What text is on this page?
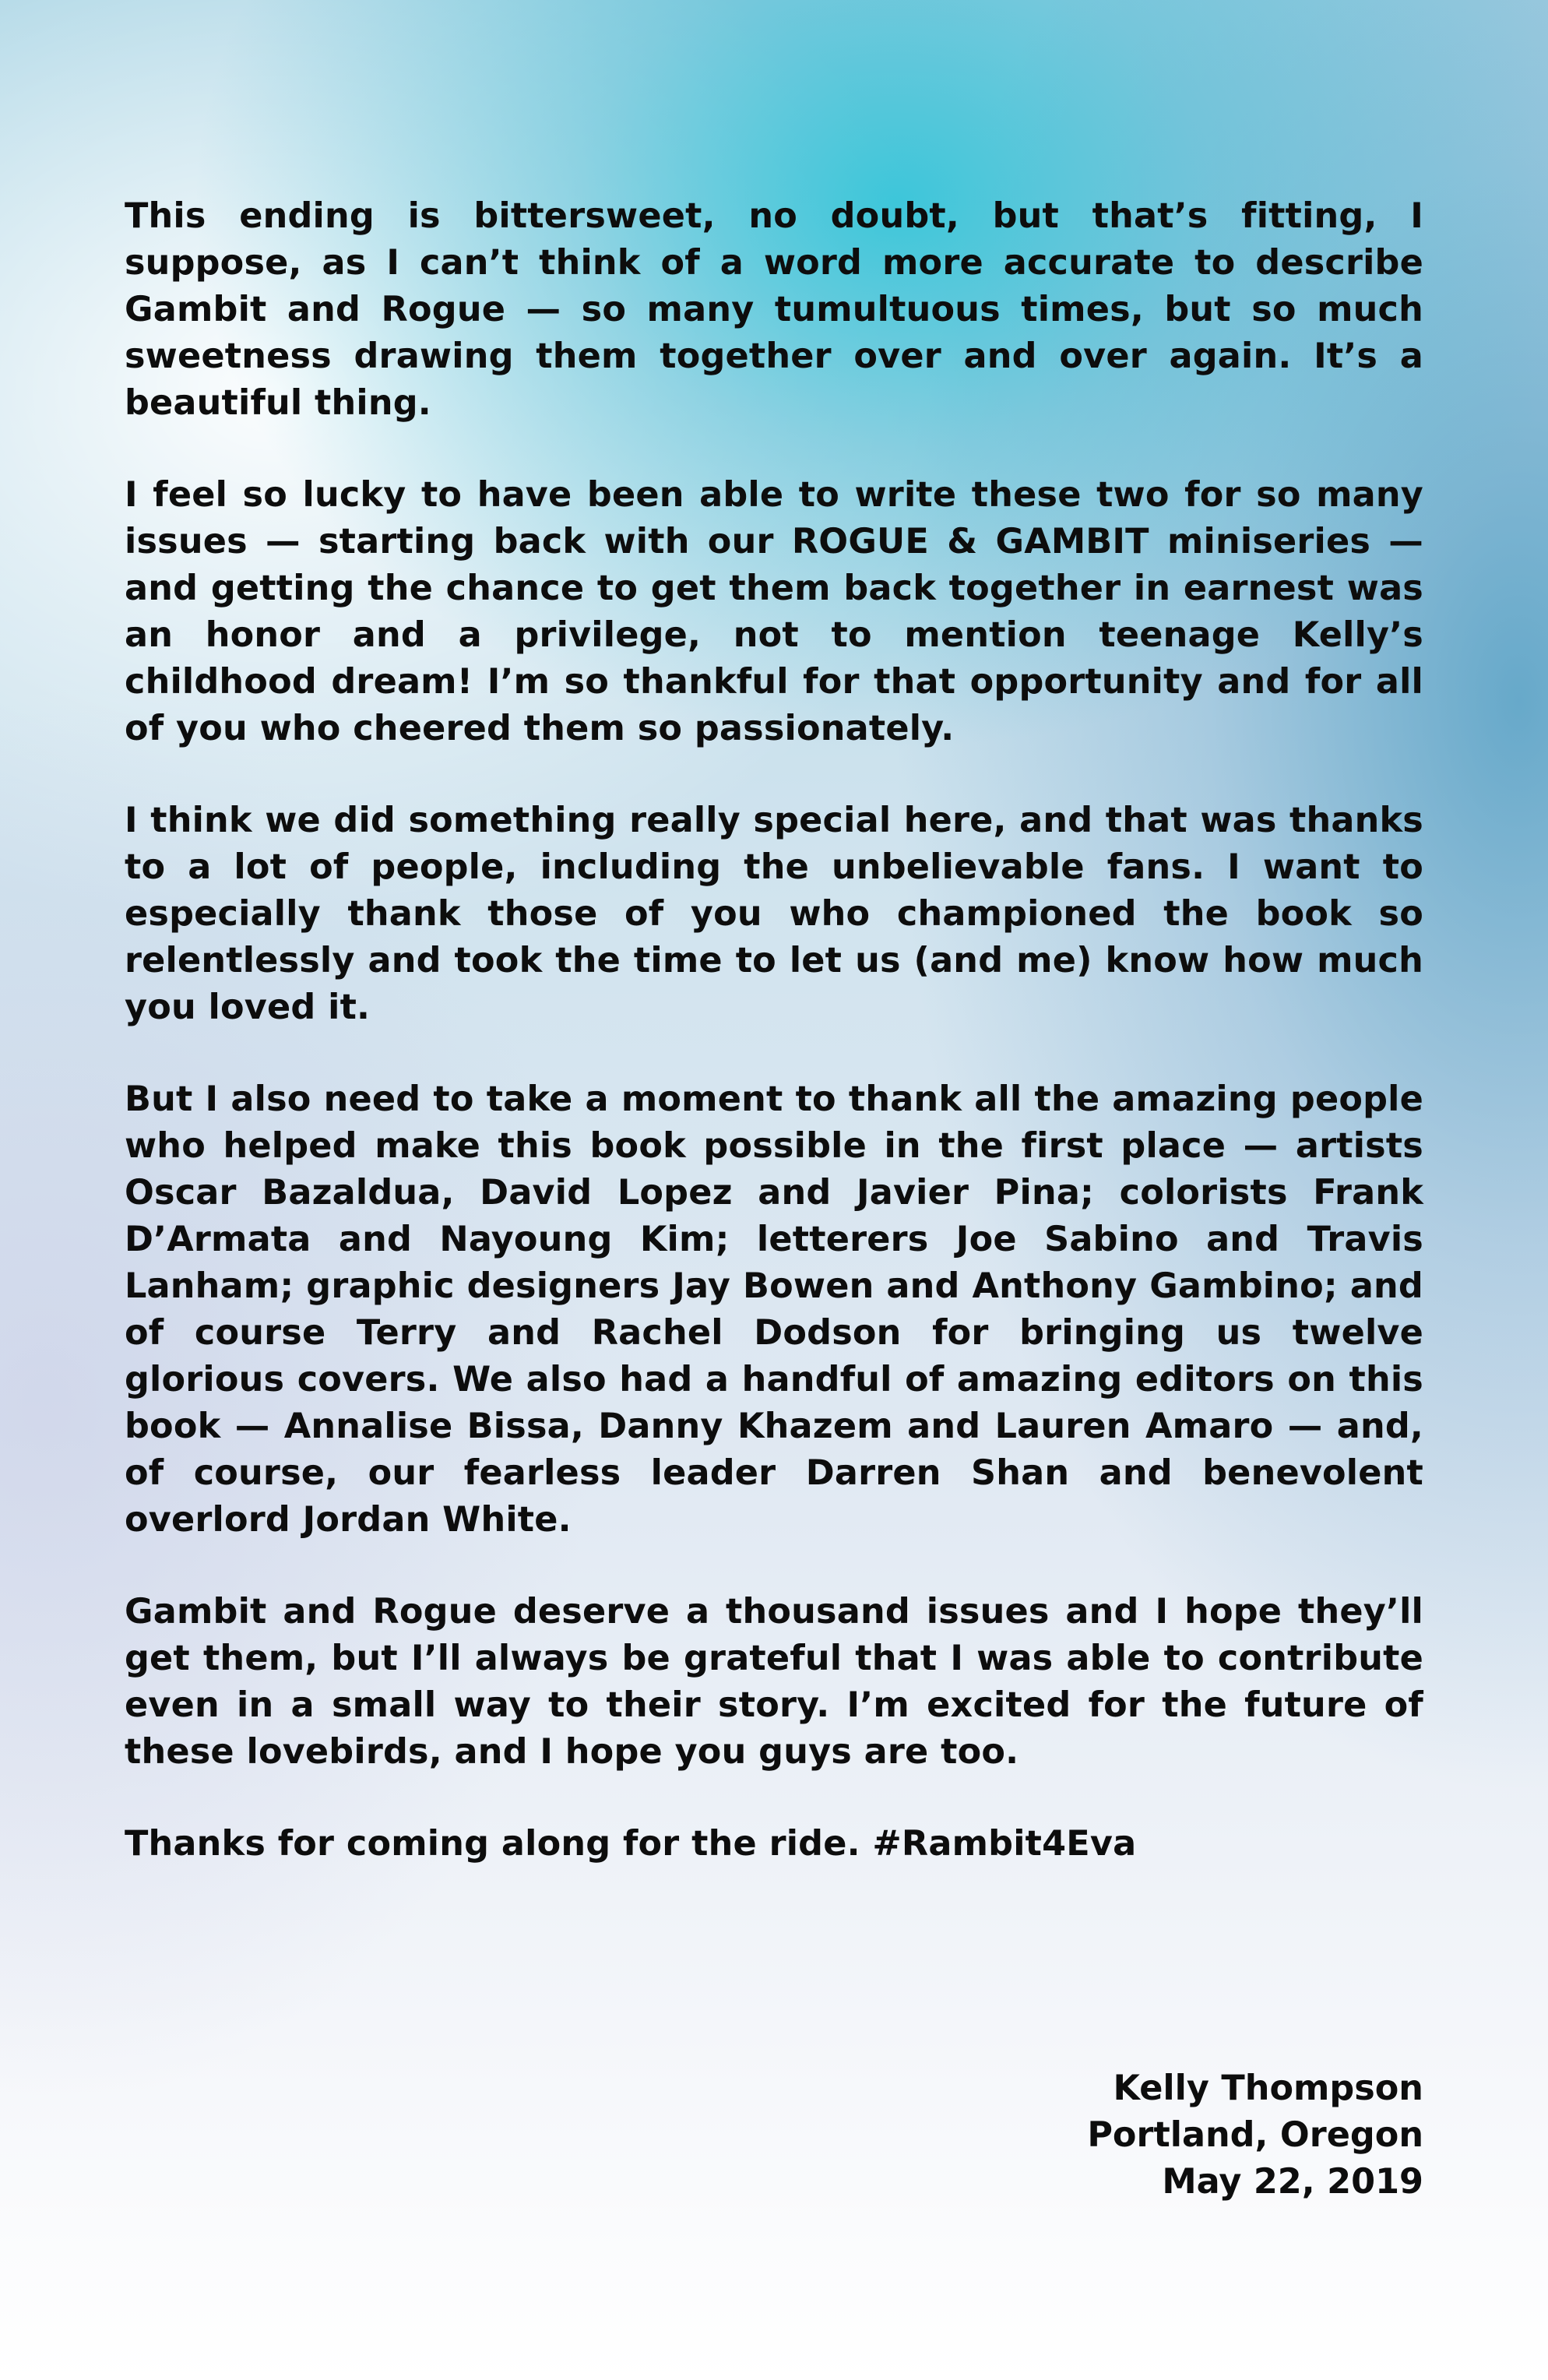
This ending is bittersweet, no doubt, but that’s fitting, I suppose, as I can’t think of a word more accurate to describe Gambit and Rogue — so many tumultuous times, but so much sweetness drawing them together over and over again. It’s a beautiful thing.

I feel so lucky to have been able to write these two for so many issues — starting back with our ROGUE & GAMBIT miniseries — and getting the chance to get them back together in earnest was an honor and a privilege, not to mention teenage Kelly’s childhood dream! I’m so thankful for that opportunity and for all of you who cheered them so passionately.

I think we did something really special here, and that was thanks to a lot of people, including the unbelievable fans. I want to especially thank those of you who championed the book so relentlessly and took the time to let us (and me) know how much you loved it.

But I also need to take a moment to thank all the amazing people who helped make this book possible in the first place — artists Oscar Bazaldua, David Lopez and Javier Pina; colorists Frank D’Armata and Nayoung Kim; letterers Joe Sabino and Travis Lanham; graphic designers Jay Bowen and Anthony Gambino; and of course Terry and Rachel Dodson for bringing us twelve glorious covers. We also had a handful of amazing editors on this book — Annalise Bissa, Danny Khazem and Lauren Amaro — and, of course, our fearless leader Darren Shan and benevolent overlord Jordan White.

Gambit and Rogue deserve a thousand issues and I hope they’ll get them, but I’ll always be grateful that I was able to contribute even in a small way to their story. I’m excited for the future of these lovebirds, and I hope you guys are too.

Thanks for coming along for the ride. #Rambit4Eva

Kelly Thompson
Portland, Oregon
May 22, 2019
